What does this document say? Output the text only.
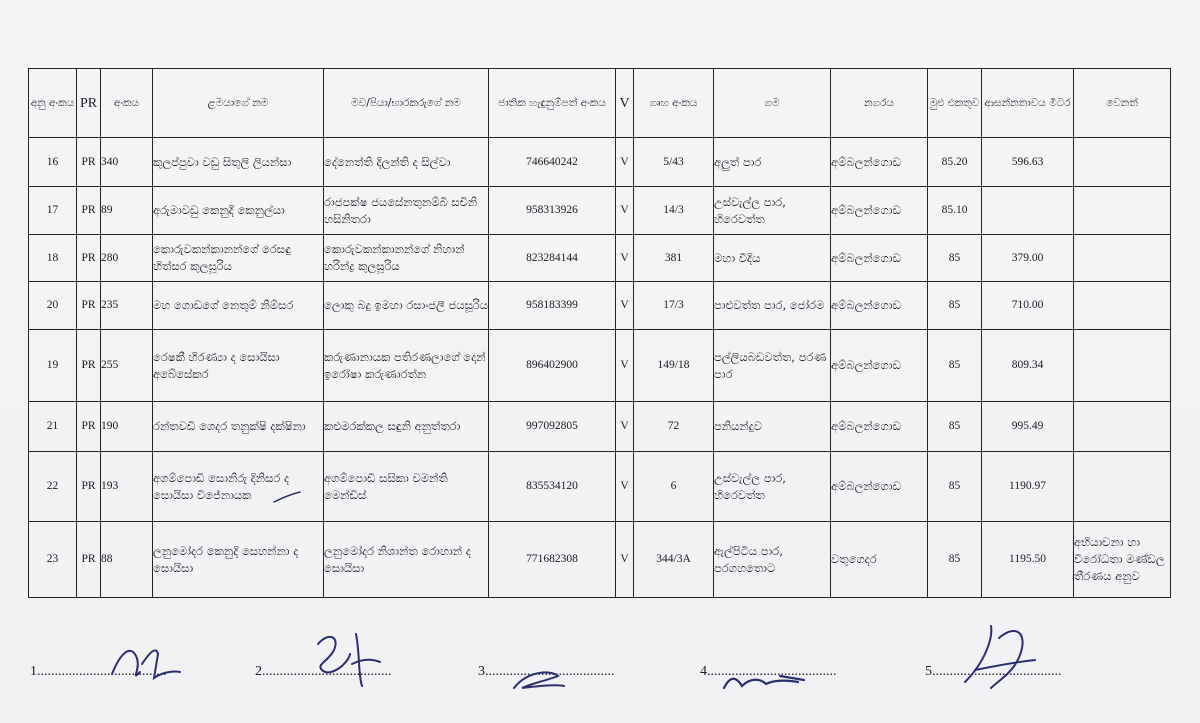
අනු අංකය	PR	අංකය	ළමයාගේ නම	මව/පියා/භාරකරුගේ නම	ජාතික හැඳුනුම්පත් අංකය	V	ගෘහ අංකය	ගම	නගරය	මුළු එකතුව	ආසන්නතාවය මීටර	වෙනත්
16	PR	340	කුලප්පුවා වඩු සිතුලි ලියන්සා	දේනෙත්ති දිලන්ති ද සිල්වා	746640242	V	5/43	අලුත් පාර	අම්බලන්ගොඩ	85.20	596.63	
17	PR	89	අරුමාවඩු කෙනුදි කෙනුල්යා	රාජපක්ෂ ජයසේනතුනම්බි සචිනි හසිනිතරා	958313926	V	14/3	උස්වැල්ල පාර, හිරෙවත්ත	අම්බලන්ගොඩ	85.10		
18	PR	280	කොරුවකන්කානන්ගේ රෙසඳු හිත්සර කුලසූරිය	කොරුවකන්කානන්ගේ නිහාන් හරින්ද්‍ර කුලසූරිය	823284144	V	381	මහා වීදිය	අම්බලන්ගොඩ	85	379.00	
20	PR	235	මහ ගොඩගේ නෙතුම් නිම්සර	ලොකු බදු ඉමහා රසාංජලී ජයසූරිය	958183399	V	17/3	පාළුවත්ත පාර, ජෝරම	අම්බලන්ගොඩ	85	710.00	
19	PR	255	රෙෂකී හිරණ්‍යා ද සොයිසා අබේසේකර	කරුණානායක පතිරණලාගේ දොන් ඉරෝෂා කරුණාරත්න	896402900	V	149/18	පල්ලියබඩවත්ත, පරණ පාර	අම්බලන්ගොඩ	85	809.34	
21	PR	190	රන්තවඩි ගෙදර තනුක්ෂි දක්ෂිනා	කළුමරක්කල සඳුනි අනුත්තරා	997092805	V	72	පනියන්දුව	අම්බලන්ගොඩ	85	995.49	
22	PR	193	අගම්පොඩි සොනිරු දිනිසර ද සොයිසා විජේනායක	අගම්පොඩි සසිකා චමන්ති මෙන්ඩිස්	835534120	V	6	උස්වැල්ල පාර, හිරෙවත්ත	අම්බලන්ගොඩ	85	1190.97	
23	PR	88	ලනුමෝදර කෙනුදි සෙහන්නා ද සොයිසා	ලනුමෝදර නිශාන්ත රොහාන් ද සොයිසා	771682308	V	344/3A	ඇල්පිටිය පාර, පරගහතොට	වතුගෙදර	85	1195.50	අභියාචනා හා විරෝධතා මණ්ඩල තීරණය අනුව
1.....................................	2.....................................	3.....................................	4.....................................	5.....................................
